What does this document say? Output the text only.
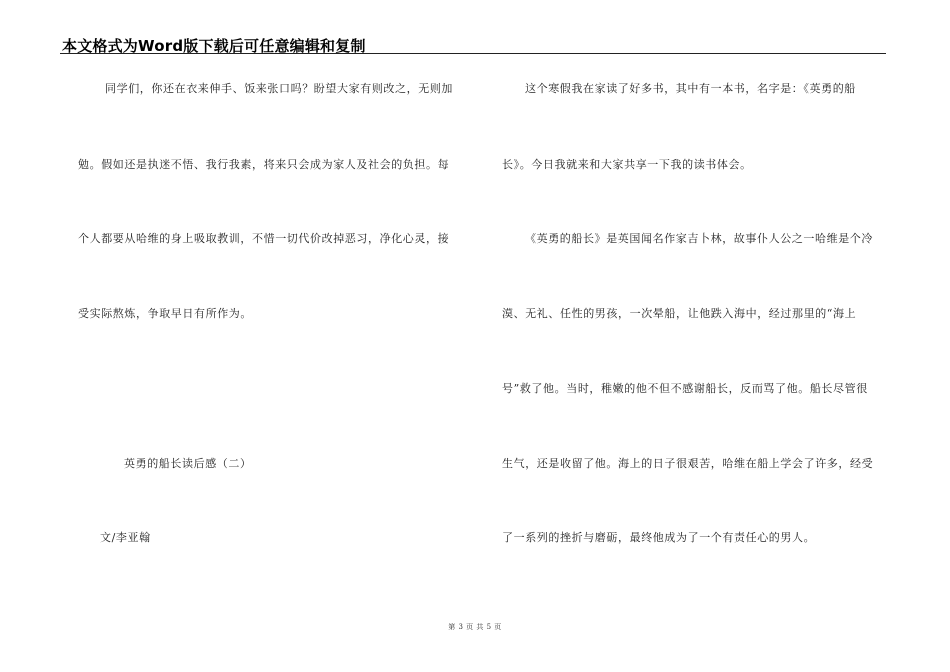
本文格式为Word版下载后可任意编辑和复制
同学们，你还在衣来伸手、饭来张口吗？盼望大家有则改之，无则加
勉。假如还是执迷不悟、我行我素，将来只会成为家人及社会的负担。每
个人都要从哈维的身上吸取教训，不惜一切代价改掉恶习，净化心灵，接
受实际熬炼，争取早日有所作为。
英勇的船长读后感（二）
文/李亚翰
这个寒假我在家读了好多书，其中有一本书，名字是：《英勇的船
长》。今日我就来和大家共享一下我的读书体会。
《英勇的船长》是英国闻名作家吉卜林，故事仆人公之一哈维是个冷
漠、无礼、任性的男孩，一次晕船，让他跌入海中，经过那里的“海上
号”救了他。当时，稚嫩的他不但不感谢船长，反而骂了他。船长尽管很
生气，还是收留了他。海上的日子很艰苦，哈维在船上学会了许多，经受
了一系列的挫折与磨砺，最终他成为了一个有责任心的男人。
第 3 页 共 5 页
